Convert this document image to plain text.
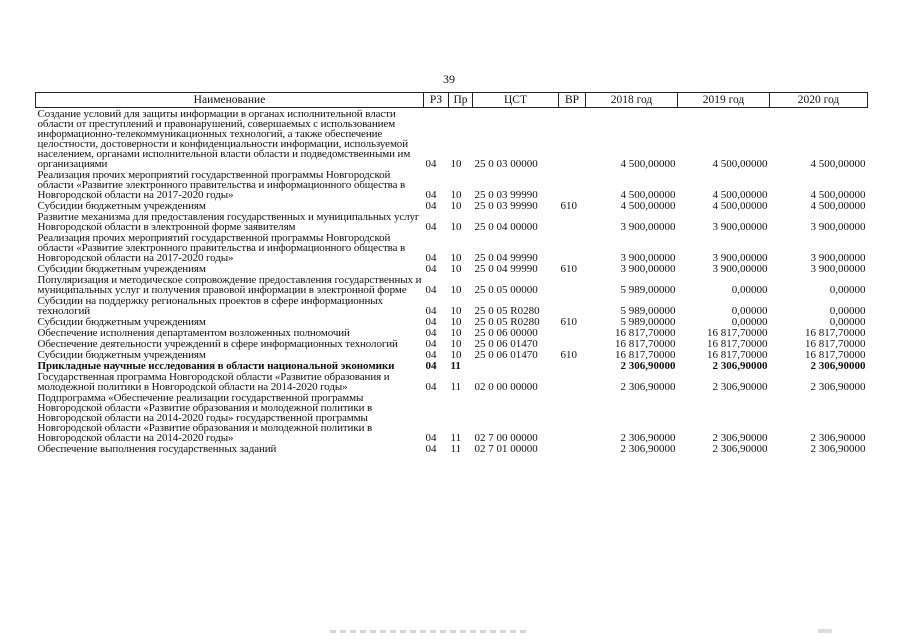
39
Наименование	РЗ	Пр	ЦСТ	ВР	2018 год	2019 год	2020 год
Создание условий для защиты информации в органах исполнительной власти области от преступлений и правонарушений, совершаемых с использованием информационно-телекоммуникационных технологий, а также обеспечение целостности, достоверности и конфиденциальности информации, используемой населением, органами исполнительной власти области и подведомственными им организациями	04	10	25 0 03 00000		4 500,00000	4 500,00000	4 500,00000
Реализация прочих мероприятий государственной программы Новгородской области «Развитие электронного правительства и информационного общества в Новгородской области на 2017-2020 годы»	04	10	25 0 03 99990		4 500,00000	4 500,00000	4 500,00000
Субсидии бюджетным учреждениям	04	10	25 0 03 99990	610	4 500,00000	4 500,00000	4 500,00000
Развитие механизма для предоставления государственных и муниципальных услуг Новгородской области в электронной форме заявителям	04	10	25 0 04 00000		3 900,00000	3 900,00000	3 900,00000
Реализация прочих мероприятий государственной программы Новгородской области «Развитие электронного правительства и информационного общества в Новгородской области на 2017-2020 годы»	04	10	25 0 04 99990		3 900,00000	3 900,00000	3 900,00000
Субсидии бюджетным учреждениям	04	10	25 0 04 99990	610	3 900,00000	3 900,00000	3 900,00000
Популяризация и методическое сопровождение предоставления государственных и муниципальных услуг и получения правовой информации в электронной форме	04	10	25 0 05 00000		5 989,00000	0,00000	0,00000
Субсидии на поддержку региональных проектов в сфере информационных технологий	04	10	25 0 05 R0280		5 989,00000	0,00000	0,00000
Субсидии бюджетным учреждениям	04	10	25 0 05 R0280	610	5 989,00000	0,00000	0,00000
Обеспечение исполнения департаментом возложенных полномочий	04	10	25 0 06 00000		16 817,70000	16 817,70000	16 817,70000
Обеспечение деятельности учреждений в сфере информационных технологий	04	10	25 0 06 01470		16 817,70000	16 817,70000	16 817,70000
Субсидии бюджетным учреждениям	04	10	25 0 06 01470	610	16 817,70000	16 817,70000	16 817,70000
Прикладные научные исследования в области национальной экономики	04	11			2 306,90000	2 306,90000	2 306,90000
Государственная программа Новгородской области «Развитие образования и молодежной политики в Новгородской области на 2014-2020 годы»	04	11	02 0 00 00000		2 306,90000	2 306,90000	2 306,90000
Подпрограмма «Обеспечение реализации государственной программы Новгородской области «Развитие образования и молодежной политики в Новгородской области на 2014-2020 годы» государственной программы Новгородской области «Развитие образования и молодежной политики в Новгородской области на 2014-2020 годы»	04	11	02 7 00 00000		2 306,90000	2 306,90000	2 306,90000
Обеспечение выполнения государственных заданий	04	11	02 7 01 00000		2 306,90000	2 306,90000	2 306,90000
